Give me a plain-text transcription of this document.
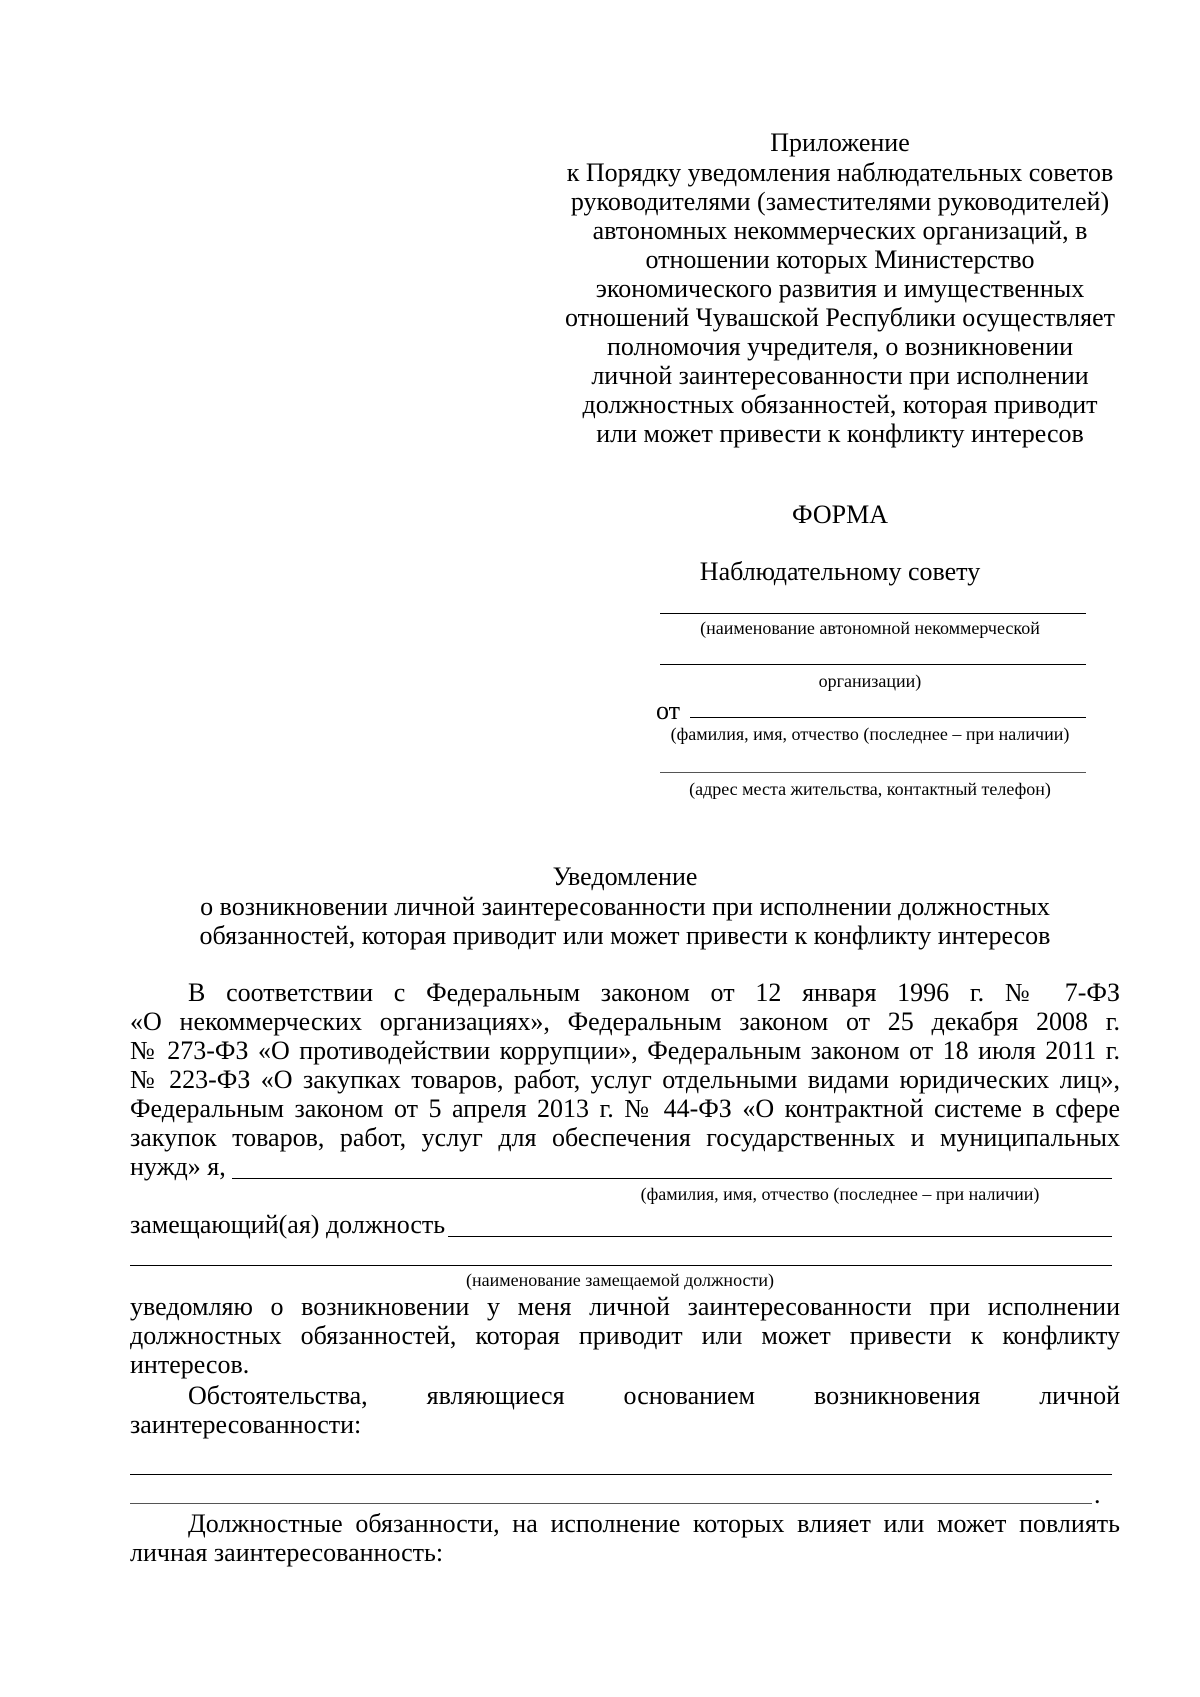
Приложение
к Порядку уведомления наблюдательных советов
руководителями (заместителями руководителей)
автономных некоммерческих организаций, в
отношении которых Министерство
экономического развития и имущественных
отношений Чувашской Республики осуществляет
полномочия учредителя, о возникновении
личной заинтересованности при исполнении
должностных обязанностей, которая приводит
или может привести к конфликту интересов
ФОРМА
Наблюдательному совету
(наименование автономной некоммерческой
организации)
от
(фамилия, имя, отчество (последнее – при наличии)
(адрес места жительства, контактный телефон)
Уведомление
о возникновении личной заинтересованности при исполнении должностных
обязанностей, которая приводит или может привести к конфликту интересов
В соответствии с Федеральным законом от 12 января 1996 г. № 7-ФЗ
«О некоммерческих организациях», Федеральным законом от 25 декабря 2008 г.
№ 273-ФЗ «О противодействии коррупции», Федеральным законом от 18 июля 2011 г.
№ 223-ФЗ «О закупках товаров, работ, услуг отдельными видами юридических лиц»,
Федеральным законом от 5 апреля 2013 г. № 44-ФЗ «О контрактной системе в сфере
закупок товаров, работ, услуг для обеспечения государственных и муниципальных
нужд» я,
(фамилия, имя, отчество (последнее – при наличии)
замещающий(ая) должность
(наименование замещаемой должности)
уведомляю о возникновении у меня личной заинтересованности при исполнении
должностных обязанностей, которая приводит или может привести к конфликту
интересов.
Обстоятельства, являющиеся основанием возникновения личной
заинтересованности:
.
Должностные обязанности, на исполнение которых влияет или может повлиять
личная заинтересованность:
